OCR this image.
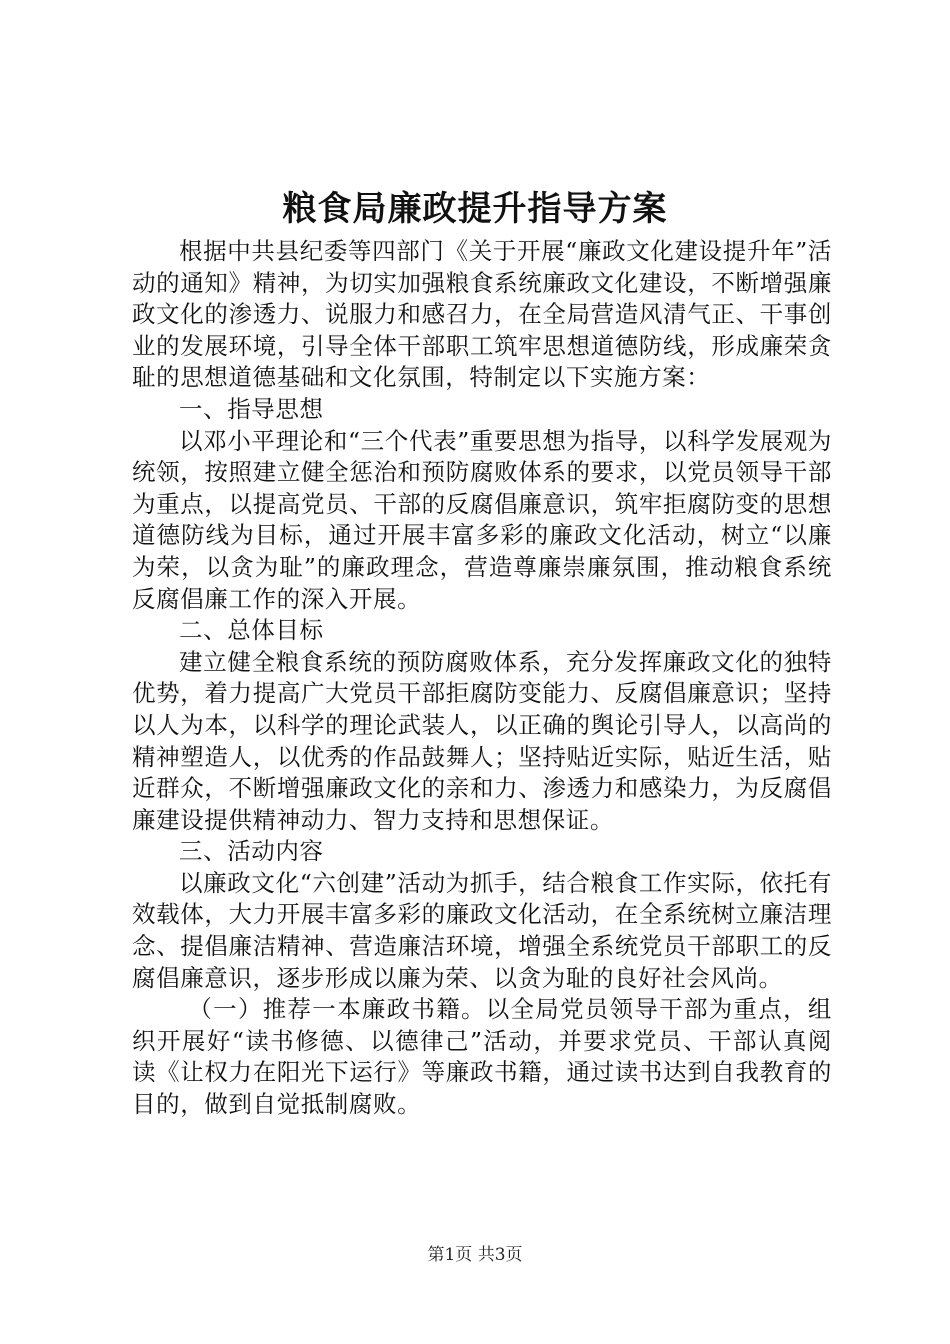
粮食局廉政提升指导方案

根据中共县纪委等四部门《关于开展“廉政文化建设提升年”活动的通知》精神，为切实加强粮食系统廉政文化建设，不断增强廉政文化的渗透力、说服力和感召力，在全局营造风清气正、干事创业的发展环境，引导全体干部职工筑牢思想道德防线，形成廉荣贪耻的思想道德基础和文化氛围，特制定以下实施方案：

一、指导思想

以邓小平理论和“三个代表”重要思想为指导，以科学发展观为统领，按照建立健全惩治和预防腐败体系的要求，以党员领导干部为重点，以提高党员、干部的反腐倡廉意识，筑牢拒腐防变的思想道德防线为目标，通过开展丰富多彩的廉政文化活动，树立“以廉为荣，以贪为耻”的廉政理念，营造尊廉崇廉氛围，推动粮食系统反腐倡廉工作的深入开展。

二、总体目标

建立健全粮食系统的预防腐败体系，充分发挥廉政文化的独特优势，着力提高广大党员干部拒腐防变能力、反腐倡廉意识；坚持以人为本，以科学的理论武装人，以正确的舆论引导人，以高尚的精神塑造人，以优秀的作品鼓舞人；坚持贴近实际，贴近生活，贴近群众，不断增强廉政文化的亲和力、渗透力和感染力，为反腐倡廉建设提供精神动力、智力支持和思想保证。

三、活动内容

以廉政文化“六创建”活动为抓手，结合粮食工作实际，依托有效载体，大力开展丰富多彩的廉政文化活动，在全系统树立廉洁理念、提倡廉洁精神、营造廉洁环境，增强全系统党员干部职工的反腐倡廉意识，逐步形成以廉为荣、以贪为耻的良好社会风尚。

（一）推荐一本廉政书籍。以全局党员领导干部为重点，组织开展好“读书修德、以德律己”活动，并要求党员、干部认真阅读《让权力在阳光下运行》等廉政书籍，通过读书达到自我教育的目的，做到自觉抵制腐败。

第1页 共3页
